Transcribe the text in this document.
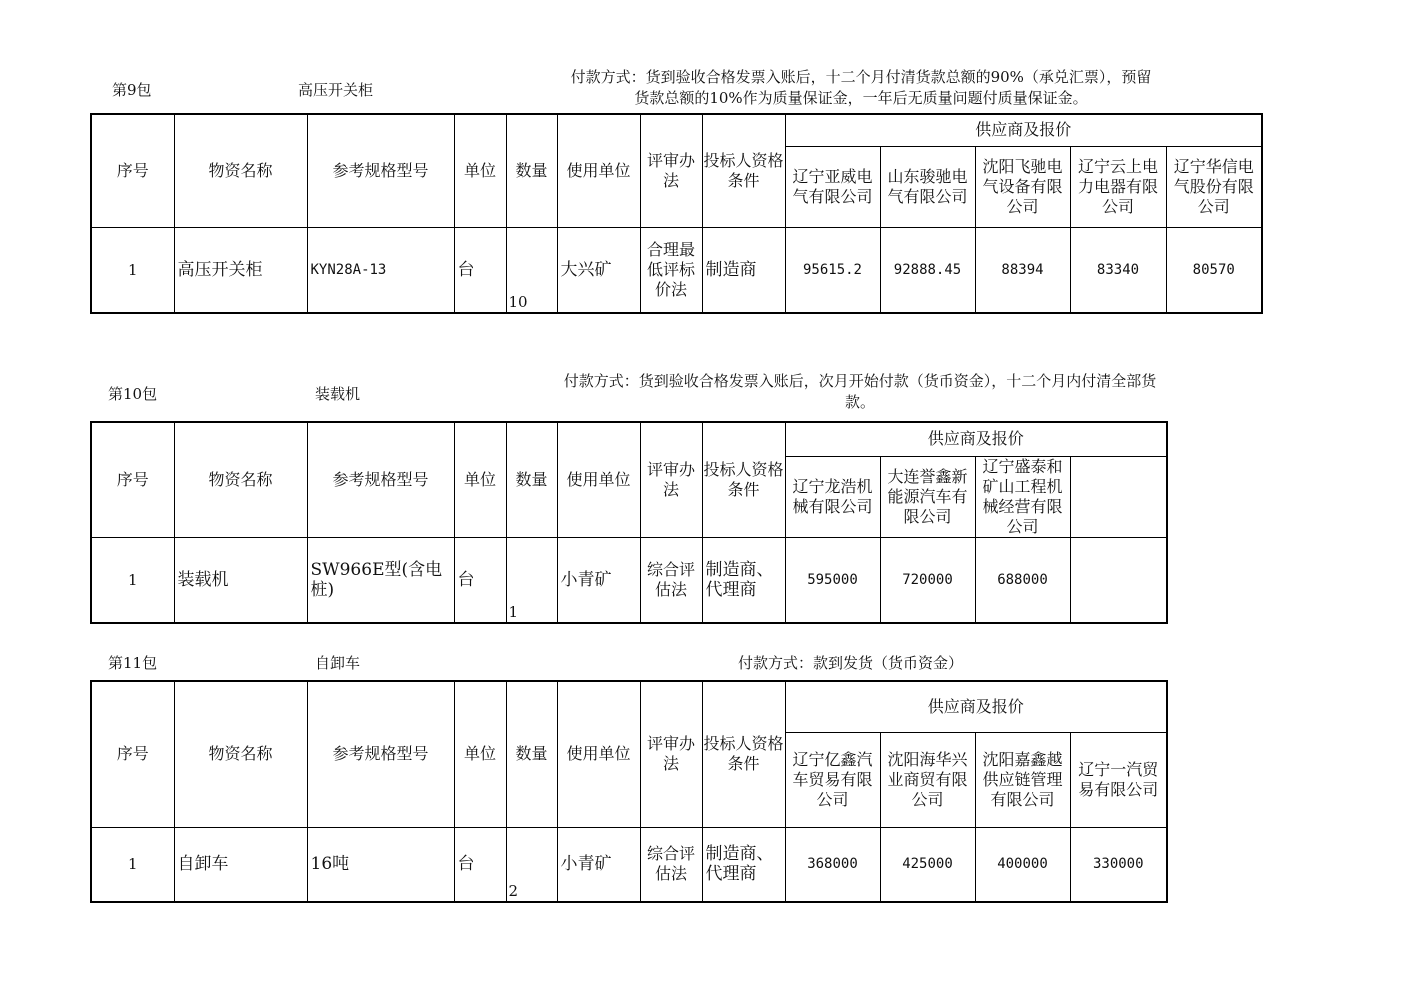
第9包	高压开关柜
付款方式：货到验收合格发票入账后，十二个月付清货款总额的90%（承兑汇票），预留货款总额的10%作为质量保证金，一年后无质量问题付质量保证金。
序号	物资名称	参考规格型号	单位	数量	使用单位	评审办法	投标人资格条件	供应商及报价				
								辽宁亚威电气有限公司	山东骏驰电气有限公司	沈阳飞驰电气设备有限公司	辽宁云上电力电器有限公司	辽宁华信电气股份有限公司
1	高压开关柜	KYN28A-13	台	10	大兴矿	合理最低评标价法	制造商	95615.2	92888.45	88394	83340	80570
第10包	装载机
付款方式：货到验收合格发票入账后，次月开始付款（货币资金），十二个月内付清全部货款。
序号	物资名称	参考规格型号	单位	数量	使用单位	评审办法	投标人资格条件	供应商及报价			
								辽宁龙浩机械有限公司	大连誉鑫新能源汽车有限公司	辽宁盛泰和矿山工程机械经营有限公司	
1	装载机	SW966E型(含电桩)	台	1	小青矿	综合评估法	制造商、代理商	595000	720000	688000	
第11包	自卸车	付款方式：款到发货（货币资金）
序号	物资名称	参考规格型号	单位	数量	使用单位	评审办法	投标人资格条件	供应商及报价			
								辽宁亿鑫汽车贸易有限公司	沈阳海华兴业商贸有限公司	沈阳嘉鑫越供应链管理有限公司	辽宁一汽贸易有限公司
1	自卸车	16吨	台	2	小青矿	综合评估法	制造商、代理商	368000	425000	400000	330000
